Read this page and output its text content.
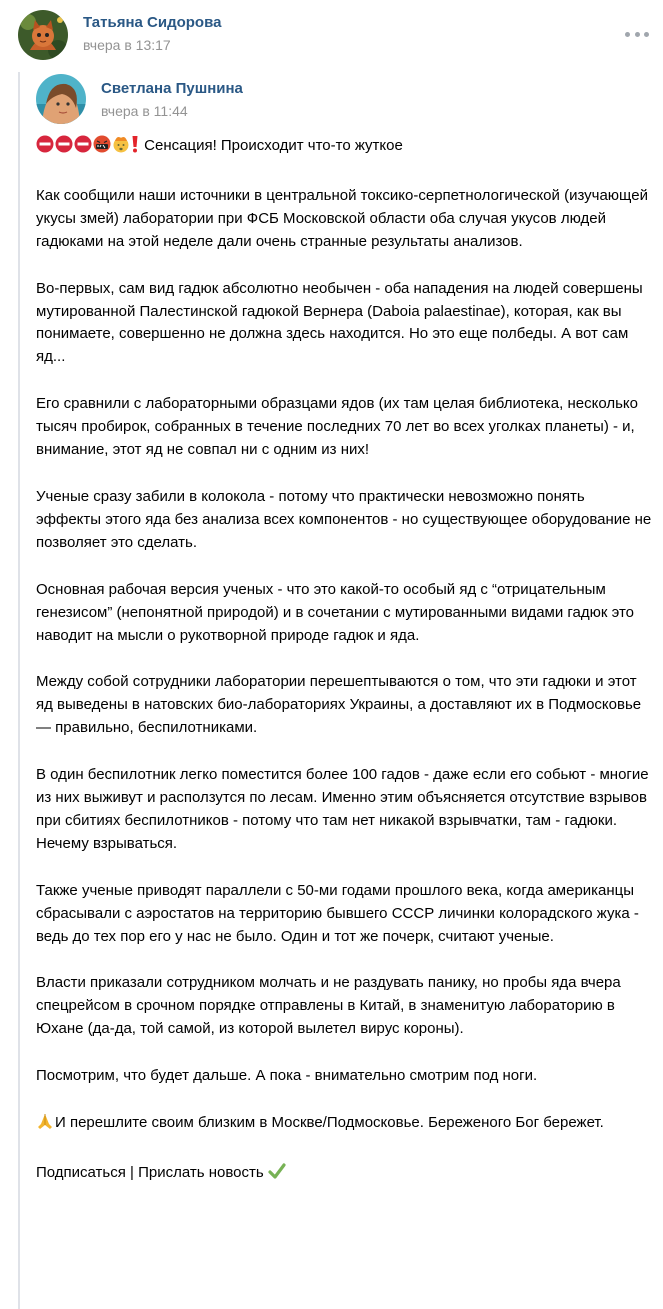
Татьяна Сидорова
вчера в 13:17
Светлана Пушнина
вчера в 11:44

Сенсация! Происходит что-то жуткое

Как сообщили наши источники в центральной токсико-серпетнологической (изучающей укусы змей) лаборатории при ФСБ Московской области оба случая укусов людей гадюками на этой неделе дали очень странные результаты анализов.

Во-первых, сам вид гадюк абсолютно необычен - оба нападения на людей совершены мутированной Палестинской гадюкой Вернера (Daboia palaestinae), которая, как вы понимаете, совершенно не должна здесь находится. Но это еще полбеды. А вот сам яд...

Его сравнили с лабораторными образцами ядов (их там целая библиотека, несколько тысяч пробирок, собранных в течение последних 70 лет во всех уголках планеты) - и, внимание, этот яд не совпал ни с одним из них!

Ученые сразу забили в колокола - потому что практически невозможно понять эффекты этого яда без анализа всех компонентов - но существующее оборудование не позволяет это сделать.

Основная рабочая версия ученых - что это какой-то особый яд с “отрицательным генезисом” (непонятной природой) и в сочетании с мутированными видами гадюк это наводит на мысли о рукотворной природе гадюк и яда.

Между собой сотрудники лаборатории перешептываются о том, что эти гадюки и этот яд выведены в натовских био-лабораториях Украины, а доставляют их в Подмосковье — правильно, беспилотниками.

В один беспилотник легко поместится более 100 гадов - даже если его собьют - многие из них выживут и расползутся по лесам. Именно этим объясняется отсутствие взрывов при сбитиях беспилотников - потому что там нет никакой взрывчатки, там - гадюки. Нечему взрываться.

Также ученые приводят параллели с 50-ми годами прошлого века, когда американцы сбрасывали с аэростатов на территорию бывшего СССР личинки колорадского жука - ведь до тех пор его у нас не было. Один и тот же почерк, считают ученые.

Власти приказали сотрудником молчать и не раздувать панику, но пробы яда вчера спецрейсом в срочном порядке отправлены в Китай, в знаменитую лабораторию в Юхане (да-да, той самой, из которой вылетел вирус короны).

Посмотрим, что будет дальше. А пока - внимательно смотрим под ноги.

И перешлите своим близким в Москве/Подмосковье. Береженого Бог бережет.

Подписаться | Прислать новость
